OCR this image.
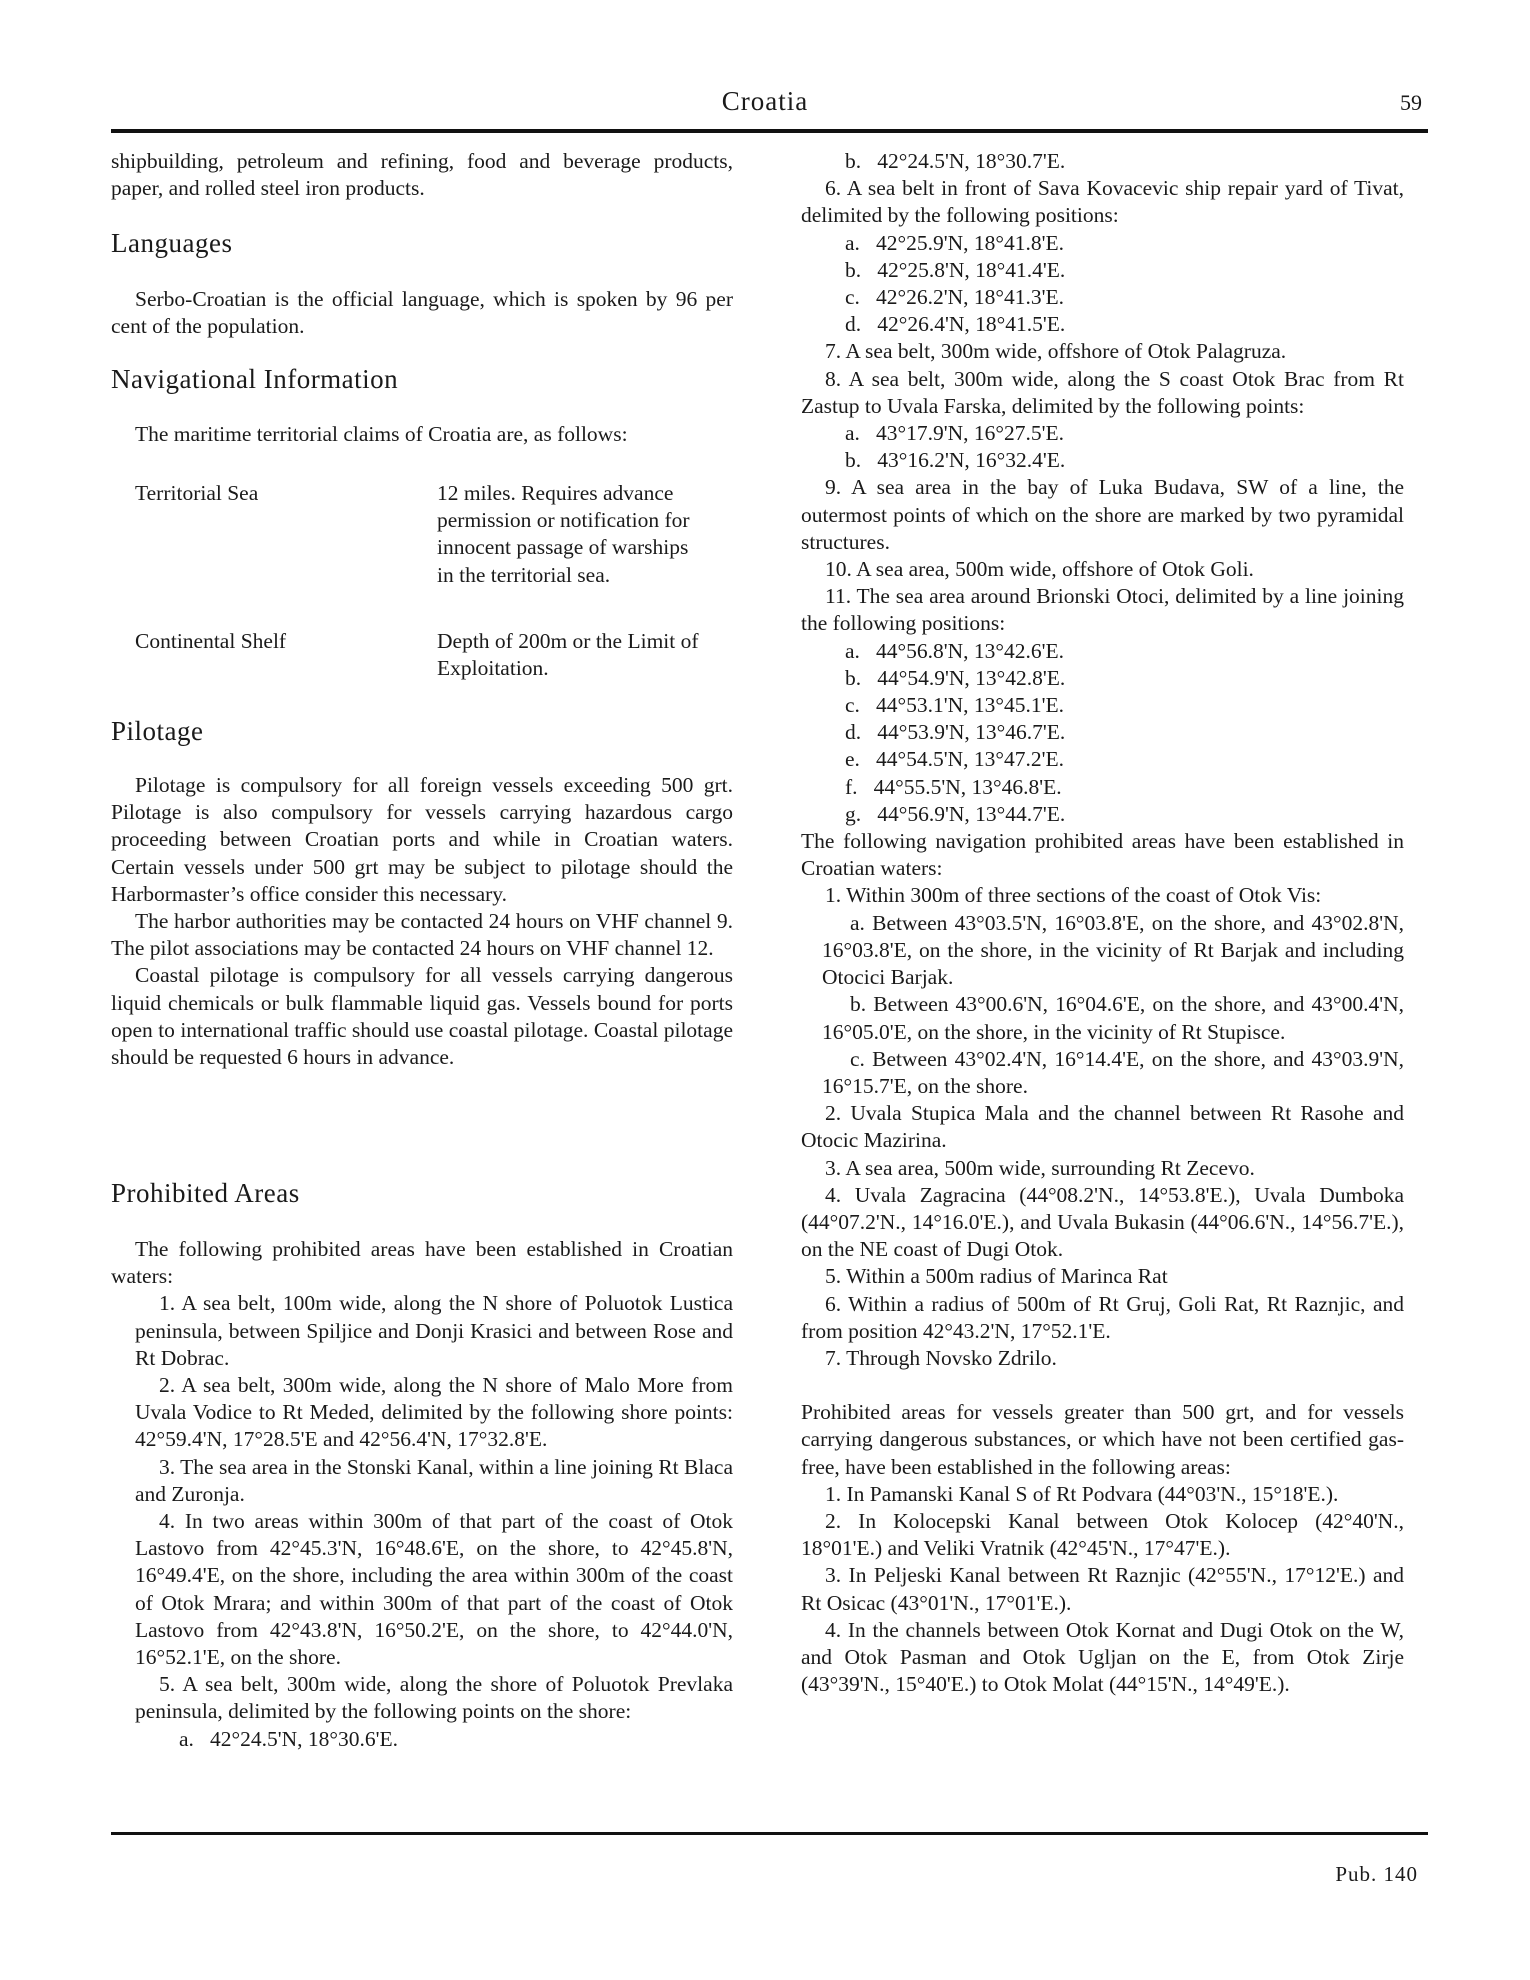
Croatia	59

shipbuilding, petroleum and refining, food and beverage products, paper, and rolled steel iron products.

Languages

Serbo-Croatian is the official language, which is spoken by 96 per cent of the population.

Navigational Information

The maritime territorial claims of Croatia are, as follows:

Territorial Sea	12 miles. Requires advance permission or notification for innocent passage of warships in the territorial sea.
Continental Shelf	Depth of 200m or the Limit of Exploitation.

Pilotage

Pilotage is compulsory for all foreign vessels exceeding 500 grt. Pilotage is also compulsory for vessels carrying hazardous cargo proceeding between Croatian ports and while in Croatian waters. Certain vessels under 500 grt may be subject to pilotage should the Harbormaster’s office consider this necessary.

The harbor authorities may be contacted 24 hours on VHF channel 9. The pilot associations may be contacted 24 hours on VHF channel 12.

Coastal pilotage is compulsory for all vessels carrying dangerous liquid chemicals or bulk flammable liquid gas. Vessels bound for ports open to international traffic should use coastal pilotage. Coastal pilotage should be requested 6 hours in advance.

Prohibited Areas

The following prohibited areas have been established in Croatian waters:

1. A sea belt, 100m wide, along the N shore of Poluotok Lustica peninsula, between Spiljice and Donji Krasici and between Rose and Rt Dobrac.

2. A sea belt, 300m wide, along the N shore of Malo More from Uvala Vodice to Rt Meded, delimited by the following shore points: 42°59.4'N, 17°28.5'E and 42°56.4'N, 17°32.8'E.

3. The sea area in the Stonski Kanal, within a line joining Rt Blaca and Zuronja.

4. In two areas within 300m of that part of the coast of Otok Lastovo from 42°45.3'N, 16°48.6'E, on the shore, to 42°45.8'N, 16°49.4'E, on the shore, including the area within 300m of the coast of Otok Mrara; and within 300m of that part of the coast of Otok Lastovo from 42°43.8'N, 16°50.2'E, on the shore, to 42°44.0'N, 16°52.1'E, on the shore.

5. A sea belt, 300m wide, along the shore of Poluotok Prevlaka peninsula, delimited by the following points on the shore:

a.   42°24.5'N, 18°30.6'E.

b.   42°24.5'N, 18°30.7'E.

6. A sea belt in front of Sava Kovacevic ship repair yard of Tivat, delimited by the following positions:

a.   42°25.9'N, 18°41.8'E.

b.   42°25.8'N, 18°41.4'E.

c.   42°26.2'N, 18°41.3'E.

d.   42°26.4'N, 18°41.5'E.

7. A sea belt, 300m wide, offshore of Otok Palagruza.

8. A sea belt, 300m wide, along the S coast Otok Brac from Rt Zastup to Uvala Farska, delimited by the following points:

a.   43°17.9'N, 16°27.5'E.

b.   43°16.2'N, 16°32.4'E.

9. A sea area in the bay of Luka Budava, SW of a line, the outermost points of which on the shore are marked by two pyramidal structures.

10. A sea area, 500m wide, offshore of Otok Goli.

11. The sea area around Brionski Otoci, delimited by a line joining the following positions:

a.   44°56.8'N, 13°42.6'E.

b.   44°54.9'N, 13°42.8'E.

c.   44°53.1'N, 13°45.1'E.

d.   44°53.9'N, 13°46.7'E.

e.   44°54.5'N, 13°47.2'E.

f.   44°55.5'N, 13°46.8'E.

g.   44°56.9'N, 13°44.7'E.

The following navigation prohibited areas have been established in Croatian waters:

1. Within 300m of three sections of the coast of Otok Vis:

a. Between 43°03.5'N, 16°03.8'E, on the shore, and 43°02.8'N, 16°03.8'E, on the shore, in the vicinity of Rt Barjak and including Otocici Barjak.

b. Between 43°00.6'N, 16°04.6'E, on the shore, and 43°00.4'N, 16°05.0'E, on the shore, in the vicinity of Rt Stupisce.

c. Between 43°02.4'N, 16°14.4'E, on the shore, and 43°03.9'N, 16°15.7'E, on the shore.

2. Uvala Stupica Mala and the channel between Rt Rasohe and Otocic Mazirina.

3. A sea area, 500m wide, surrounding Rt Zecevo.

4. Uvala Zagracina (44°08.2'N., 14°53.8'E.), Uvala Dumboka (44°07.2'N., 14°16.0'E.), and Uvala Bukasin (44°06.6'N., 14°56.7'E.), on the NE coast of Dugi Otok.

5. Within a 500m radius of Marinca Rat

6. Within a radius of 500m of Rt Gruj, Goli Rat, Rt Raznjic, and from position 42°43.2'N, 17°52.1'E.

7. Through Novsko Zdrilo.

Prohibited areas for vessels greater than 500 grt, and for vessels carrying dangerous substances, or which have not been certified gas-free, have been established in the following areas:

1. In Pamanski Kanal S of Rt Podvara (44°03'N., 15°18'E.).

2. In Kolocepski Kanal between Otok Kolocep (42°40'N., 18°01'E.) and Veliki Vratnik (42°45'N., 17°47'E.).

3. In Peljeski Kanal between Rt Raznjic (42°55'N., 17°12'E.) and Rt Osicac (43°01'N., 17°01'E.).

4. In the channels between Otok Kornat and Dugi Otok on the W, and Otok Pasman and Otok Ugljan on the E, from Otok Zirje (43°39'N., 15°40'E.) to Otok Molat (44°15'N., 14°49'E.).

Pub. 140
